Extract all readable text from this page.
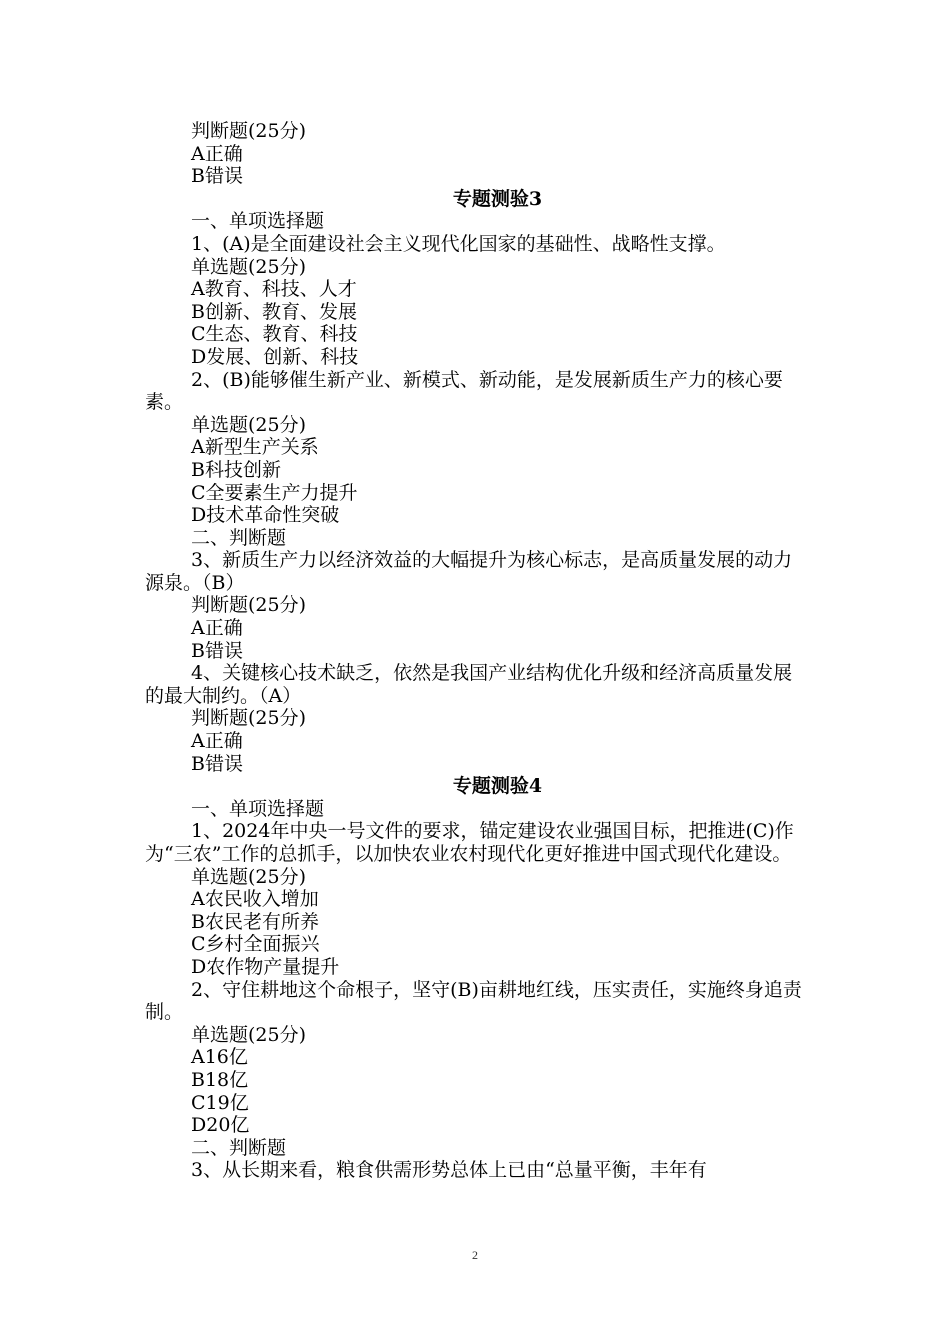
判断题(25分)

A正确

B错误

专题测验3

一、单项选择题

1、(A)是全面建设社会主义现代化国家的基础性、战略性支撑。

单选题(25分)

A教育、科技、人才

B创新、教育、发展

C生态、教育、科技

D发展、创新、科技

2、(B)能够催生新产业、新模式、新动能，是发展新质生产力的核心要素。

单选题(25分)

A新型生产关系

B科技创新

C全要素生产力提升

D技术革命性突破

二、判断题

3、新质生产力以经济效益的大幅提升为核心标志，是高质量发展的动力源泉。（B）

判断题(25分)

A正确

B错误

4、关键核心技术缺乏，依然是我国产业结构优化升级和经济高质量发展的最大制约。（A）

判断题(25分)

A正确

B错误

专题测验4

一、单项选择题

1、2024年中央一号文件的要求，锚定建设农业强国目标，把推进(C)作为“三农”工作的总抓手，以加快农业农村现代化更好推进中国式现代化建设。

单选题(25分)

A农民收入增加

B农民老有所养

C乡村全面振兴

D农作物产量提升

2、守住耕地这个命根子，坚守(B)亩耕地红线，压实责任，实施终身追责制。

单选题(25分)

A16亿

B18亿

C19亿

D20亿

二、判断题

3、从长期来看，粮食供需形势总体上已由“总量平衡，丰年有

2
